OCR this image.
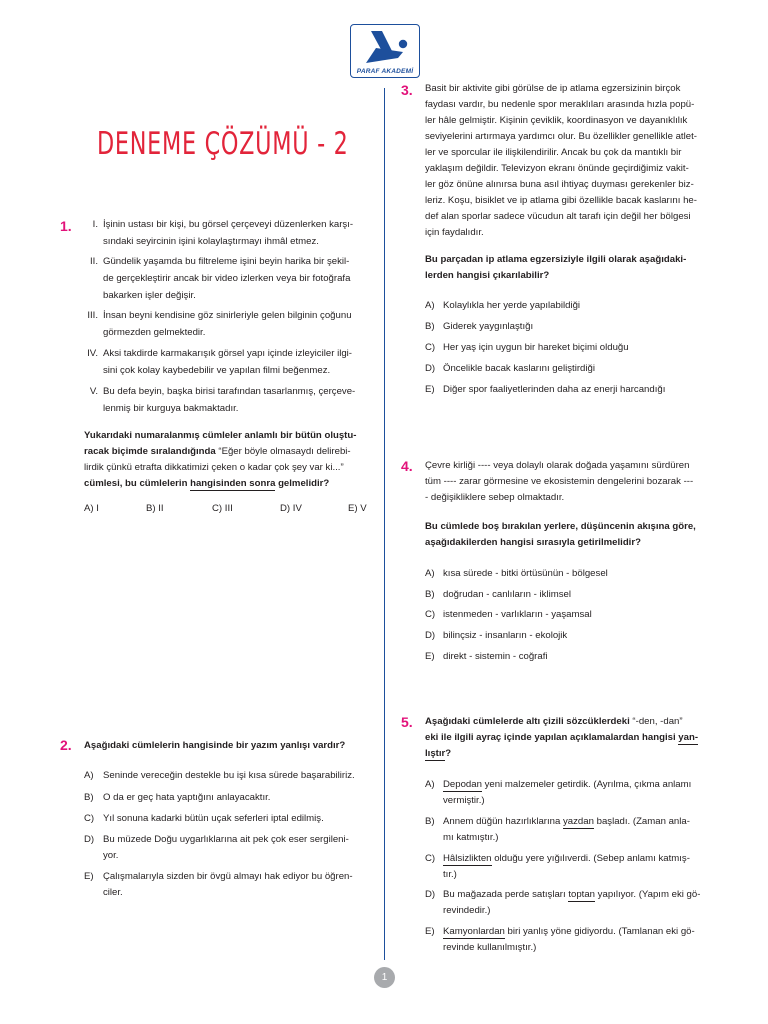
PARAF AKADEMİ
DENEME ÇÖZÜMÜ - 2
1.	I. İşinin ustası bir kişi, bu görsel çerçeveyi düzenlerken karşı-
sındaki seyircinin işini kolaylaştırmayı ihmâl etmez.
II. Gündelik yaşamda bu filtreleme işini beyin harika bir şekil-
de gerçekleştirir ancak bir video izlerken veya bir fotoğrafa
bakarken işler değişir.
III. İnsan beyni kendisine göz sinirleriyle gelen bilginin çoğunu
görmezden gelmektedir.
IV. Aksi takdirde karmakarışık görsel yapı içinde izleyiciler ilgi-
sini çok kolay kaybedebilir ve yapılan filmi beğenmez.
V. Bu defa beyin, başka birisi tarafından tasarlanmış, çerçeve-
lenmiş bir kurguya bakmaktadır.
Yukarıdaki numaralanmış cümleler anlamlı bir bütün oluştu-
racak biçimde sıralandığında “Eğer böyle olmasaydı delirebi-
lirdik çünkü etrafta dikkatimizi çeken o kadar çok şey var ki...”
cümlesi, bu cümlelerin hangisinden sonra gelmelidir?
A) I	B) II	C) III	D) IV	E) V
2. Aşağıdaki cümlelerin hangisinde bir yazım yanlışı vardır?
A) Seninde vereceğin destekle bu işi kısa sürede başarabiliriz.
B) O da er geç hata yaptığını anlayacaktır.
C) Yıl sonuna kadarki bütün uçak seferleri iptal edilmiş.
D) Bu müzede Doğu uygarlıklarına ait pek çok eser sergileni-
yor.
E) Çalışmalarıyla sizden bir övgü almayı hak ediyor bu öğren-
ciler.
3. Basit bir aktivite gibi görülse de ip atlama egzersizinin birçok
faydası vardır, bu nedenle spor meraklıları arasında hızla popü-
ler hâle gelmiştir. Kişinin çeviklik, koordinasyon ve dayanıklılık
seviyelerini artırmaya yardımcı olur. Bu özellikler genellikle atlet-
ler ve sporcular ile ilişkilendirilir. Ancak bu çok da mantıklı bir
yaklaşım değildir. Televizyon ekranı önünde geçirdiğimiz vakit-
ler göz önüne alınırsa buna asıl ihtiyaç duyması gerekenler biz-
leriz. Koşu, bisiklet ve ip atlama gibi özellikle bacak kaslarını he-
def alan sporlar sadece vücudun alt tarafı için değil her bölgesi
için faydalıdır.
Bu parçadan ip atlama egzersiziyle ilgili olarak aşağıdaki-
lerden hangisi çıkarılabilir?
A) Kolaylıkla her yerde yapılabildiği
B) Giderek yaygınlaştığı
C) Her yaş için uygun bir hareket biçimi olduğu
D) Öncelikle bacak kaslarını geliştirdiği
E) Diğer spor faaliyetlerinden daha az enerji harcandığı
4. Çevre kirliği ---- veya dolaylı olarak doğada yaşamını sürdüren
tüm ---- zarar görmesine ve ekosistemin dengelerini bozarak ---
- değişikliklere sebep olmaktadır.
Bu cümlede boş bırakılan yerlere, düşüncenin akışına göre,
aşağıdakilerden hangisi sırasıyla getirilmelidir?
A) kısa sürede - bitki örtüsünün - bölgesel
B) doğrudan - canlıların - iklimsel
C) istenmeden - varlıkların - yaşamsal
D) bilinçsiz - insanların - ekolojik
E) direkt - sistemin - coğrafi
5. Aşağıdaki cümlelerde altı çizili sözcüklerdeki “-den, -dan”
eki ile ilgili ayraç içinde yapılan açıklamalardan hangisi yan-
lıştır?
A) Depodan yeni malzemeler getirdik. (Ayrılma, çıkma anlamı
vermiştir.)
B) Annem düğün hazırlıklarına yazdan başladı. (Zaman anla-
mı katmıştır.)
C) Hâlsizlikten olduğu yere yığılıverdi. (Sebep anlamı katmış-
tır.)
D) Bu mağazada perde satışları toptan yapılıyor. (Yapım eki gö-
revindedir.)
E) Kamyonlardan biri yanlış yöne gidiyordu. (Tamlanan eki gö-
revinde kullanılmıştır.)
1
